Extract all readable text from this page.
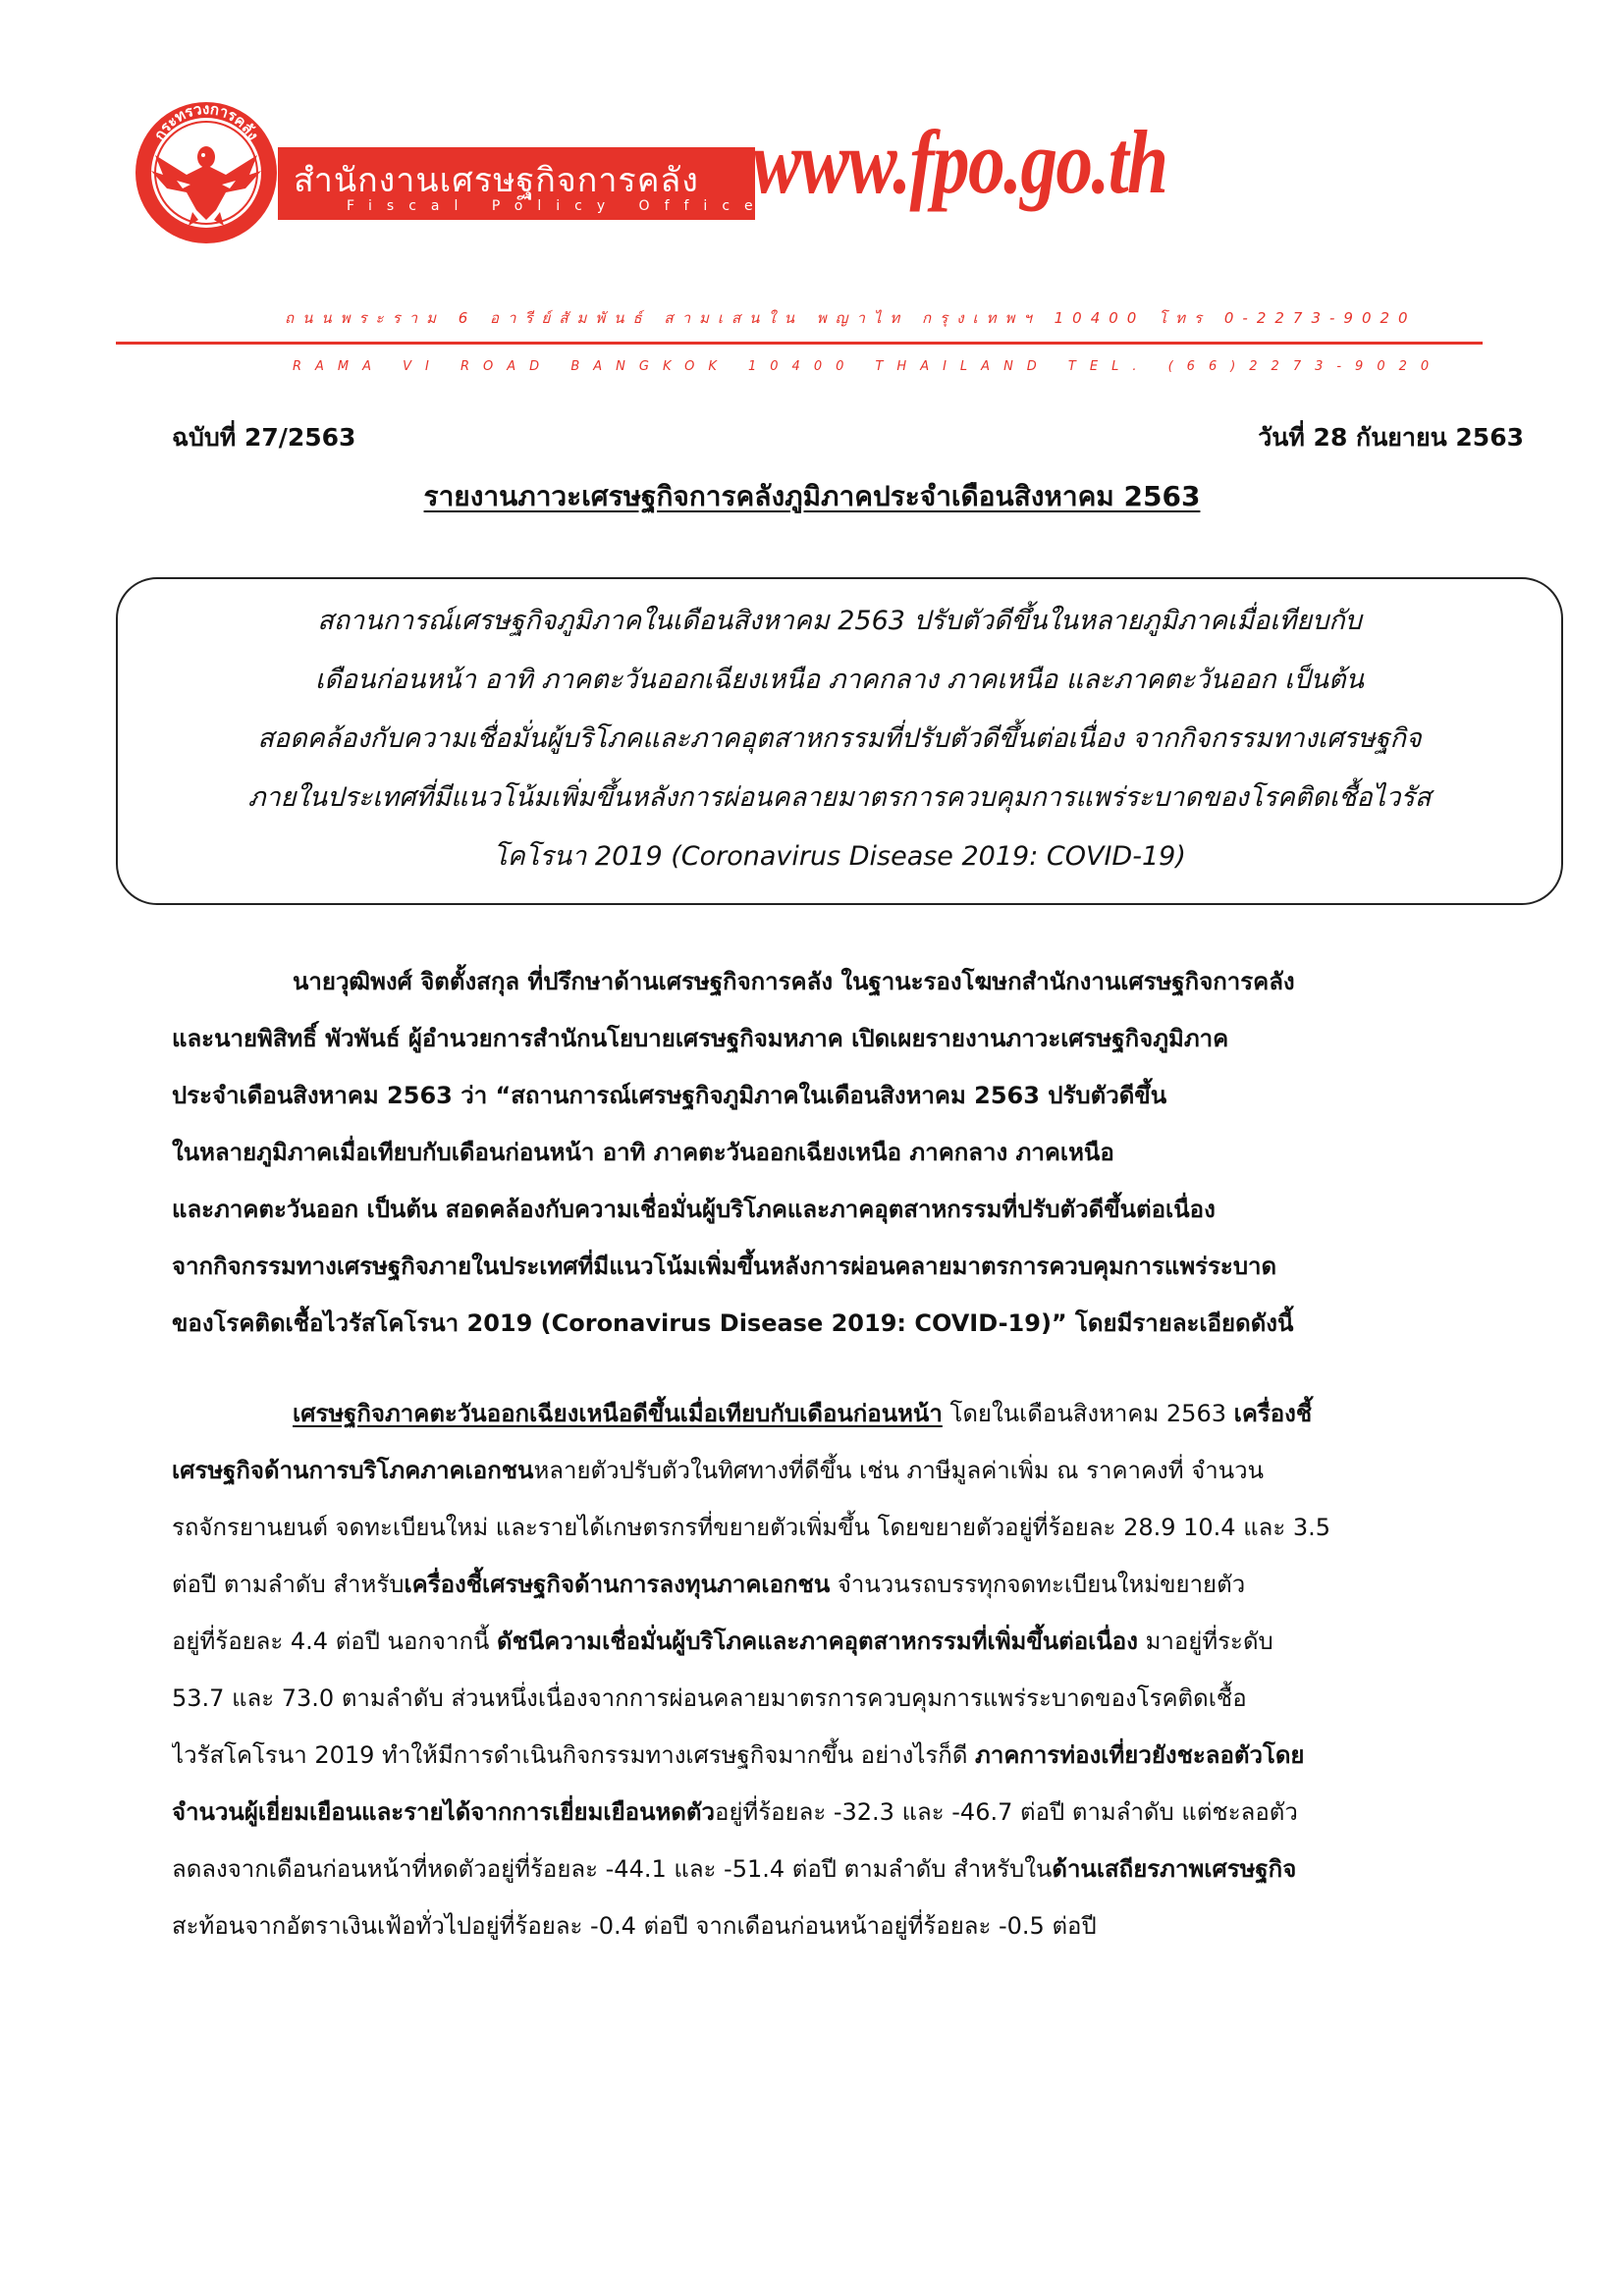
กระทรวงการคลัง
สำนักงานเศรษฐกิจการคลัง
Fiscal Policy Office
www.fpo.go.th
ถนนพระราม 6 อารีย์สัมพันธ์ สามเสนใน พญาไท กรุงเทพฯ 10400 โทร 0-2273-9020
RAMA VI ROAD BANGKOK 10400 THAILAND TEL. (66)2273-9020
ฉบับที่ 27/2563	วันที่ 28 กันยายน 2563
รายงานภาวะเศรษฐกิจการคลังภูมิภาคประจำเดือนสิงหาคม 2563
สถานการณ์เศรษฐกิจภูมิภาคในเดือนสิงหาคม 2563 ปรับตัวดีขึ้นในหลายภูมิภาคเมื่อเทียบกับ
เดือนก่อนหน้า อาทิ ภาคตะวันออกเฉียงเหนือ ภาคกลาง ภาคเหนือ และภาคตะวันออก เป็นต้น
สอดคล้องกับความเชื่อมั่นผู้บริโภคและภาคอุตสาหกรรมที่ปรับตัวดีขึ้นต่อเนื่อง จากกิจกรรมทางเศรษฐกิจ
ภายในประเทศที่มีแนวโน้มเพิ่มขึ้นหลังการผ่อนคลายมาตรการควบคุมการแพร่ระบาดของโรคติดเชื้อไวรัส
โคโรนา 2019 (Coronavirus Disease 2019: COVID-19)
นายวุฒิพงศ์ จิตตั้งสกุล ที่ปรึกษาด้านเศรษฐกิจการคลัง ในฐานะรองโฆษกสำนักงานเศรษฐกิจการคลัง
และนายพิสิทธิ์ พัวพันธ์ ผู้อำนวยการสำนักนโยบายเศรษฐกิจมหภาค เปิดเผยรายงานภาวะเศรษฐกิจภูมิภาค
ประจำเดือนสิงหาคม 2563 ว่า “สถานการณ์เศรษฐกิจภูมิภาคในเดือนสิงหาคม 2563 ปรับตัวดีขึ้น
ในหลายภูมิภาคเมื่อเทียบกับเดือนก่อนหน้า อาทิ ภาคตะวันออกเฉียงเหนือ ภาคกลาง ภาคเหนือ
และภาคตะวันออก เป็นต้น สอดคล้องกับความเชื่อมั่นผู้บริโภคและภาคอุตสาหกรรมที่ปรับตัวดีขึ้นต่อเนื่อง
จากกิจกรรมทางเศรษฐกิจภายในประเทศที่มีแนวโน้มเพิ่มขึ้นหลังการผ่อนคลายมาตรการควบคุมการแพร่ระบาด
ของโรคติดเชื้อไวรัสโคโรนา 2019 (Coronavirus Disease 2019: COVID-19)” โดยมีรายละเอียดดังนี้
เศรษฐกิจภาคตะวันออกเฉียงเหนือดีขึ้นเมื่อเทียบกับเดือนก่อนหน้า โดยในเดือนสิงหาคม 2563 เครื่องชี้
เศรษฐกิจด้านการบริโภคภาคเอกชนหลายตัวปรับตัวในทิศทางที่ดีขึ้น เช่น ภาษีมูลค่าเพิ่ม ณ ราคาคงที่ จำนวน
รถจักรยานยนต์ จดทะเบียนใหม่ และรายได้เกษตรกรที่ขยายตัวเพิ่มขึ้น โดยขยายตัวอยู่ที่ร้อยละ 28.9 10.4 และ 3.5
ต่อปี ตามลำดับ สำหรับเครื่องชี้เศรษฐกิจด้านการลงทุนภาคเอกชน จำนวนรถบรรทุกจดทะเบียนใหม่ขยายตัว
อยู่ที่ร้อยละ 4.4 ต่อปี นอกจากนี้ ดัชนีความเชื่อมั่นผู้บริโภคและภาคอุตสาหกรรมที่เพิ่มขึ้นต่อเนื่อง มาอยู่ที่ระดับ
53.7 และ 73.0 ตามลำดับ ส่วนหนึ่งเนื่องจากการผ่อนคลายมาตรการควบคุมการแพร่ระบาดของโรคติดเชื้อ
ไวรัสโคโรนา 2019 ทำให้มีการดำเนินกิจกรรมทางเศรษฐกิจมากขึ้น อย่างไรก็ดี ภาคการท่องเที่ยวยังชะลอตัวโดย
จำนวนผู้เยี่ยมเยือนและรายได้จากการเยี่ยมเยือนหดตัวอยู่ที่ร้อยละ -32.3 และ -46.7 ต่อปี ตามลำดับ แต่ชะลอตัว
ลดลงจากเดือนก่อนหน้าที่หดตัวอยู่ที่ร้อยละ -44.1 และ -51.4 ต่อปี ตามลำดับ สำหรับในด้านเสถียรภาพเศรษฐกิจ
สะท้อนจากอัตราเงินเฟ้อทั่วไปอยู่ที่ร้อยละ -0.4 ต่อปี จากเดือนก่อนหน้าอยู่ที่ร้อยละ -0.5 ต่อปี
